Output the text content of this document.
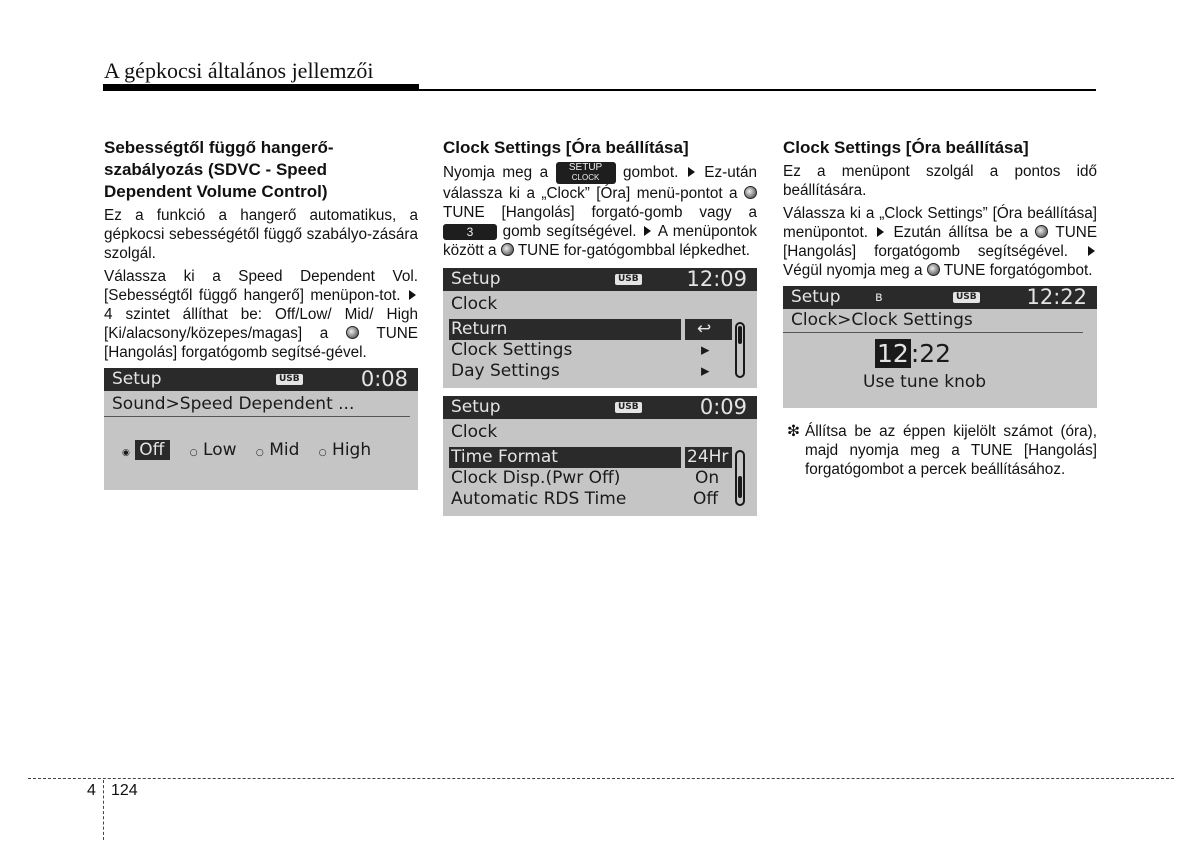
A gépkocsi általános jellemzői
Sebességtől függő hangerő-szabályozás (SDVC - Speed Dependent Volume Control)
Ez a funkció a hangerő automatikus, a gépkocsi sebességétől függő szabályo-zására szolgál.
Válassza ki a Speed Dependent Vol. [Sebességtől függő hangerő] menüpon-tot.  4 szintet állíthat be: Off/Low/ Mid/ High [Ki/alacsony/közepes/magas] a	TUNE [Hangolás] forgatógomb segítsé-gével.
Setup	USB	0:08
Sound>Speed Dependent ...
◉ Off	○ Low ○ Mid ○ High
Clock Settings [Óra beállítása]
Nyomja meg a	SETUP
CLOCK	gombot. Ez-után válassza ki a „Clock” [Óra] menü-pontot a  TUNE [Hangolás] forgató-gomb vagy a 3 gomb segítségével. A menüpontok között a TUNE for-gatógombbal lépkedhet.
Setup	USB 12:09
Clock
Return	↩
Clock Settings	▸
Day Settings	▸
Setup	USB	0:09
Clock
Time Format	24Hr
Clock Disp.(Pwr Off)	On
Automatic RDS Time	Off
Clock Settings [Óra beállítása]
Ez a menüpont szolgál a pontos idő beállítására.
Válassza ki a „Clock Settings” [Óra beállítása] menüpontot. Ezután állítsa be a TUNE [Hangolás] forgatógomb segítségével.  Végül nyomja meg a TUNE forgatógombot.
Setup	ʙ	USB 12:22
Clock>Clock Settings
12:22
Use tune knob
❇ Állítsa be az éppen kijelölt számot (óra), majd nyomja meg a TUNE [Hangolás] forgatógombot a percek beállításához.
4 124
